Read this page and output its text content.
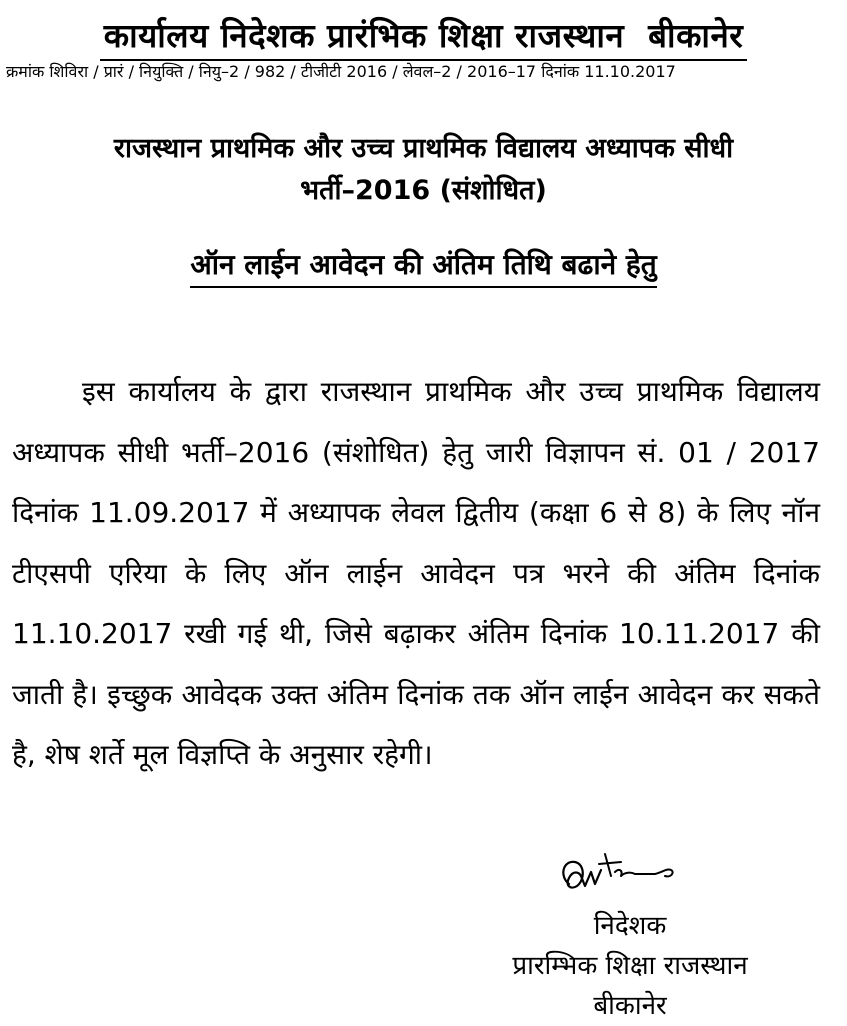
कार्यालय निदेशक प्रारंभिक शिक्षा राजस्थान  बीकानेर
क्रमांक शिविरा / प्रारं / नियुक्ति / नियु–2 / 982 / टीजीटी 2016 / लेवल–2 / 2016–17 दिनांक 11.10.2017
राजस्थान प्राथमिक और उच्च प्राथमिक विद्यालय अध्यापक सीधी
भर्ती–2016 (संशोधित)
ऑन लाईन आवेदन की अंतिम तिथि बढाने हेतु
इस कार्यालय के द्वारा राजस्थान प्राथमिक और उच्च प्राथमिक विद्यालय अध्यापक सीधी भर्ती–2016 (संशोधित) हेतु जारी विज्ञापन सं. 01 / 2017 दिनांक 11.09.2017 में अध्यापक लेवल द्वितीय (कक्षा 6 से 8) के लिए नॉन टीएसपी एरिया के लिए ऑन लाईन आवेदन पत्र भरने की अंतिम दिनांक 11.10.2017 रखी गई थी, जिसे बढ़ाकर अंतिम दिनांक 10.11.2017 की जाती है। इच्छुक आवेदक उक्त अंतिम दिनांक तक ऑन लाईन आवेदन कर सकते है, शेष शर्ते मूल विज्ञप्ति के अनुसार रहेगी।
निदेशक
प्रारम्भिक शिक्षा राजस्थान
बीकानेर
